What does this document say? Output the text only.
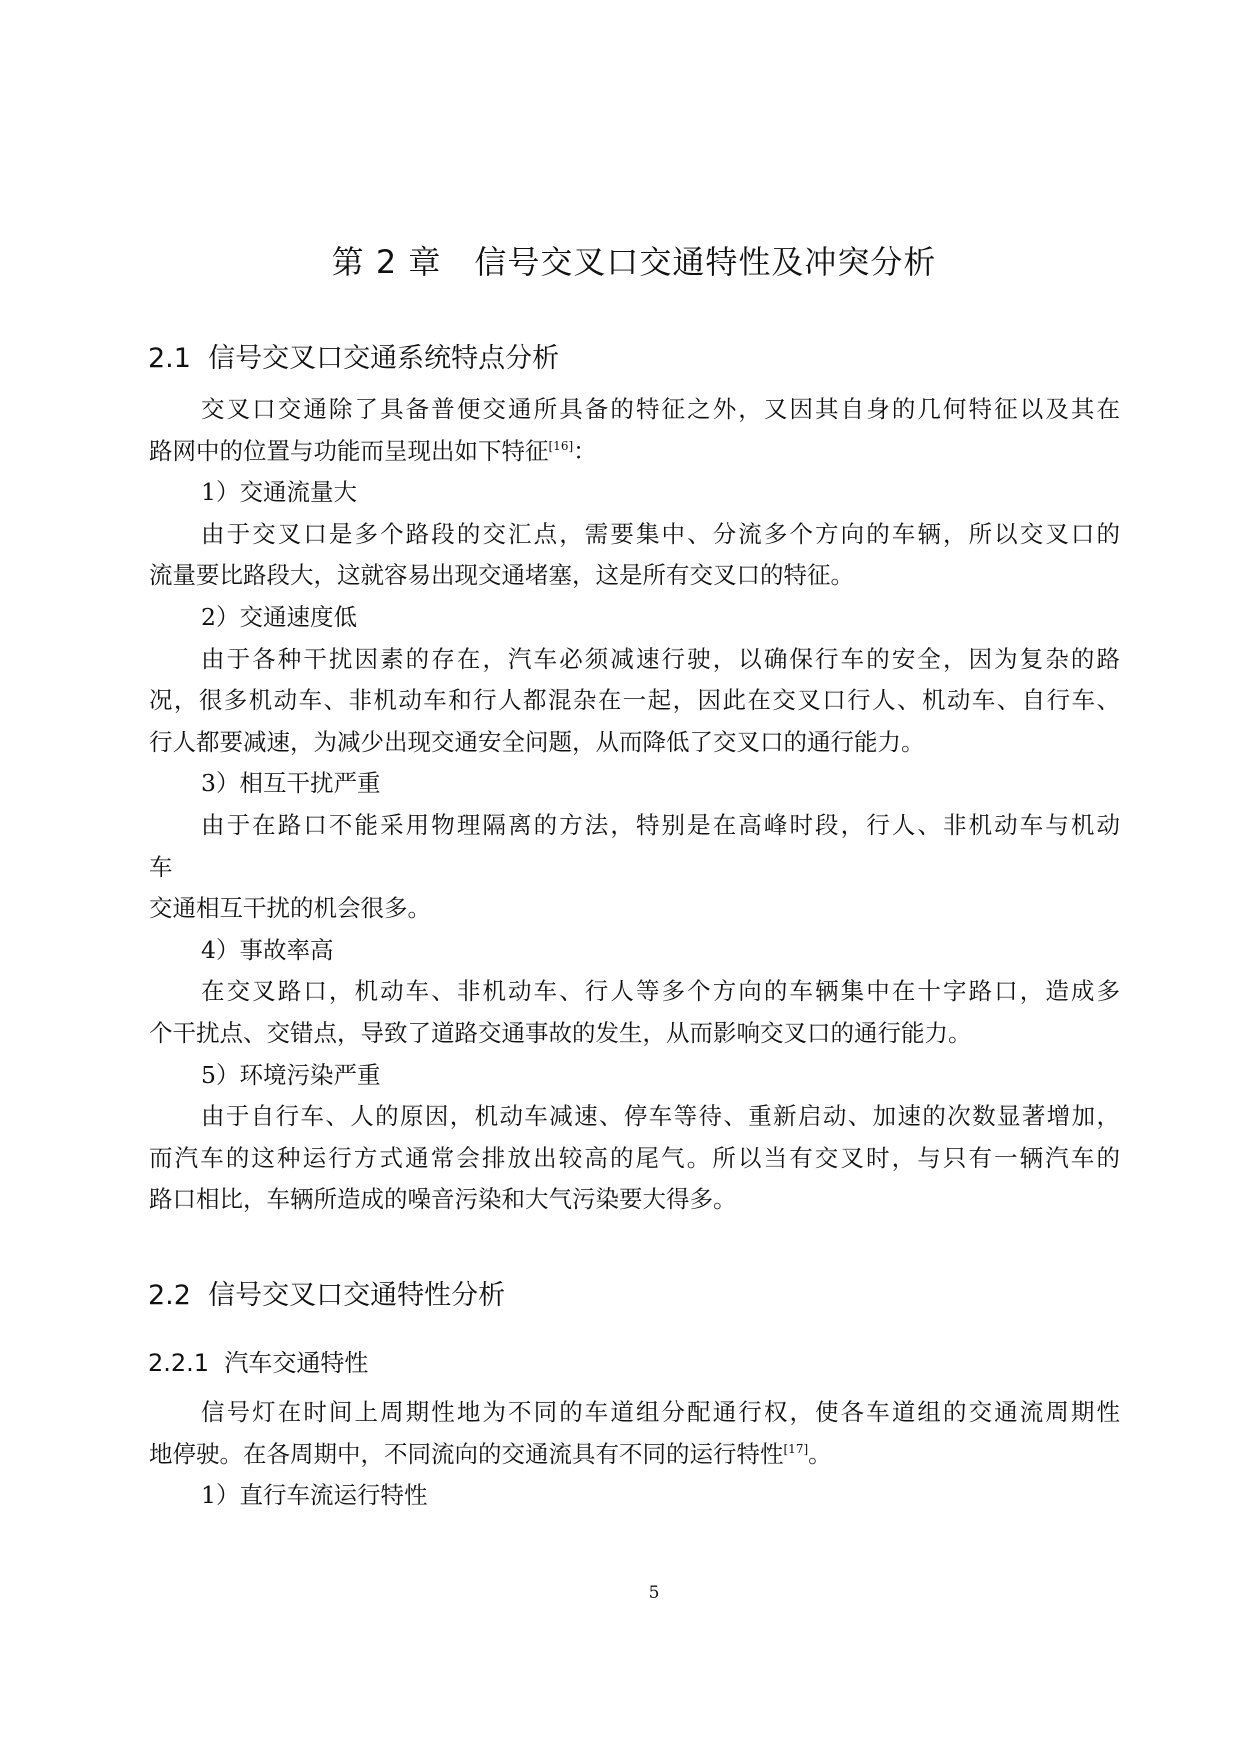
第 2 章　信号交叉口交通特性及冲突分析
2.1  信号交叉口交通系统特点分析
交叉口交通除了具备普便交通所具备的特征之外，又因其自身的几何特征以及其在
路网中的位置与功能而呈现出如下特征[16]：
1）交通流量大
由于交叉口是多个路段的交汇点，需要集中、分流多个方向的车辆，所以交叉口的
流量要比路段大，这就容易出现交通堵塞，这是所有交叉口的特征。
2）交通速度低
由于各种干扰因素的存在，汽车必须减速行驶，以确保行车的安全，因为复杂的路
况，很多机动车、非机动车和行人都混杂在一起，因此在交叉口行人、机动车、自行车、
行人都要减速，为减少出现交通安全问题，从而降低了交叉口的通行能力。
3）相互干扰严重
由于在路口不能采用物理隔离的方法，特别是在高峰时段，行人、非机动车与机动
车
交通相互干扰的机会很多。
4）事故率高
在交叉路口，机动车、非机动车、行人等多个方向的车辆集中在十字路口，造成多
个干扰点、交错点，导致了道路交通事故的发生，从而影响交叉口的通行能力。
5）环境污染严重
由于自行车、人的原因，机动车减速、停车等待、重新启动、加速的次数显著增加，
而汽车的这种运行方式通常会排放出较高的尾气。所以当有交叉时，与只有一辆汽车的
路口相比，车辆所造成的噪音污染和大气污染要大得多。
2.2  信号交叉口交通特性分析
2.2.1  汽车交通特性
信号灯在时间上周期性地为不同的车道组分配通行权，使各车道组的交通流周期性
地停驶。在各周期中，不同流向的交通流具有不同的运行特性[17]。
1）直行车流运行特性
5
